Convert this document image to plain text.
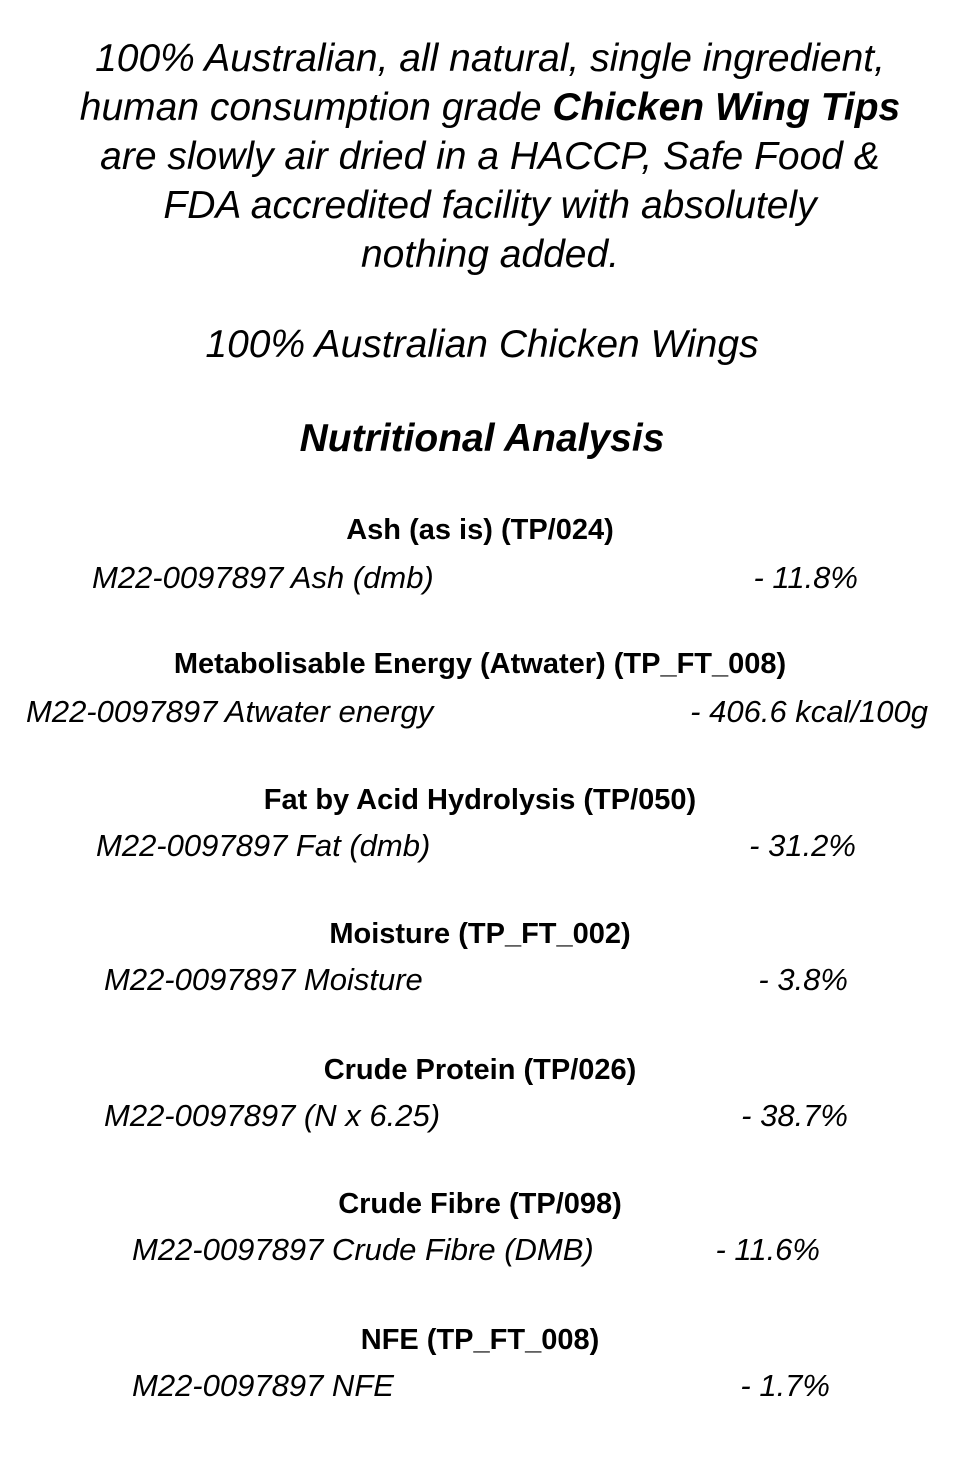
100% Australian, all natural, single ingredient,
human consumption grade Chicken Wing Tips
are slowly air dried in a HACCP, Safe Food &
FDA accredited facility with absolutely
nothing added.
100% Australian Chicken Wings
Nutritional Analysis
Ash (as is) (TP/024)
M22-0097897 Ash (dmb)	- 11.8%
Metabolisable Energy (Atwater) (TP_FT_008)
M22-0097897 Atwater energy	- 406.6 kcal/100g
Fat by Acid Hydrolysis (TP/050)
M22-0097897 Fat (dmb)	- 31.2%
Moisture (TP_FT_002)
M22-0097897 Moisture	- 3.8%
Crude Protein (TP/026)
M22-0097897 (N x 6.25)	- 38.7%
Crude Fibre (TP/098)
M22-0097897 Crude Fibre (DMB)	- 11.6%
NFE (TP_FT_008)
M22-0097897 NFE	- 1.7%
